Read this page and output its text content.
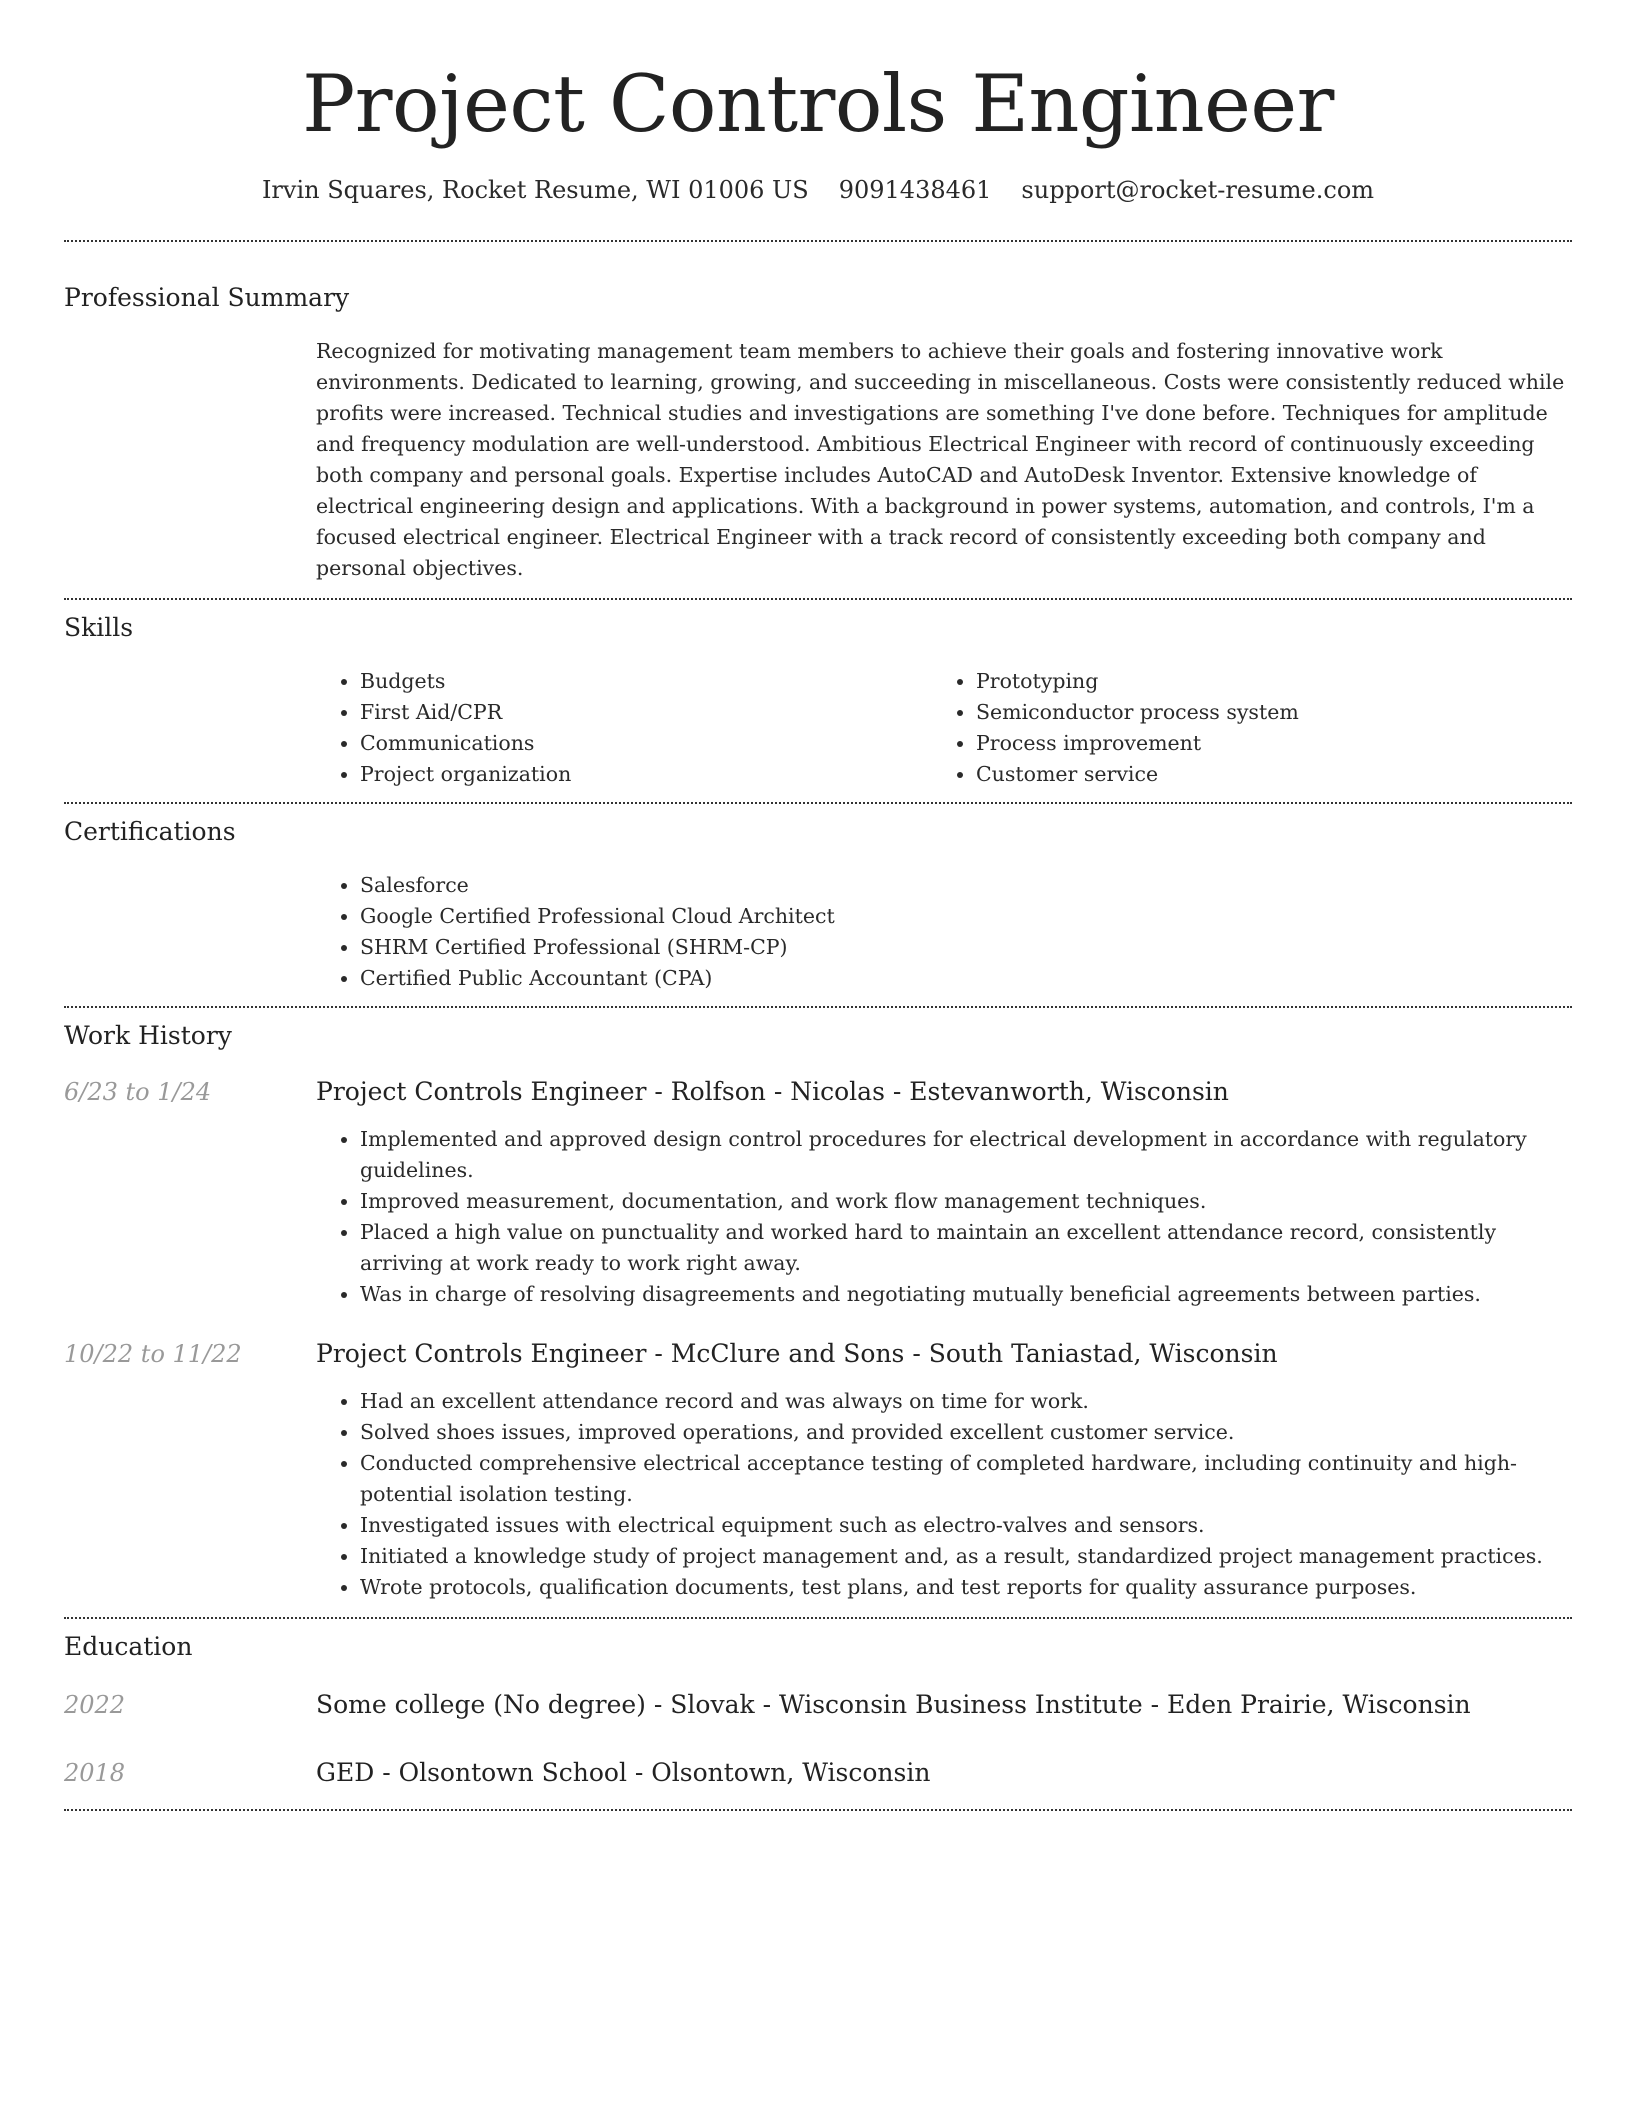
Project Controls Engineer
Irvin Squares, Rocket Resume, WI 01006 US 9091438461 support@rocket-resume.com
Professional Summary
Recognized for motivating management team members to achieve their goals and fostering innovative work environments. Dedicated to learning, growing, and succeeding in miscellaneous. Costs were consistently reduced while profits were increased. Technical studies and investigations are something I've done before. Techniques for amplitude and frequency modulation are well-understood. Ambitious Electrical Engineer with record of continuously exceeding both company and personal goals. Expertise includes AutoCAD and AutoDesk Inventor. Extensive knowledge of electrical engineering design and applications. With a background in power systems, automation, and controls, I'm a focused electrical engineer. Electrical Engineer with a track record of consistently exceeding both company and personal objectives.
Skills
• Budgets
• First Aid/CPR
• Communications
• Project organization
• Prototyping
• Semiconductor process system
• Process improvement
• Customer service
Certifications
• Salesforce
• Google Certified Professional Cloud Architect
• SHRM Certified Professional (SHRM-CP)
• Certified Public Accountant (CPA)
Work History
6/23 to 1/24	Project Controls Engineer - Rolfson - Nicolas - Estevanworth, Wisconsin
• Implemented and approved design control procedures for electrical development in accordance with regulatory guidelines.
• Improved measurement, documentation, and work flow management techniques.
• Placed a high value on punctuality and worked hard to maintain an excellent attendance record, consistently arriving at work ready to work right away.
• Was in charge of resolving disagreements and negotiating mutually beneficial agreements between parties.
10/22 to 11/22	Project Controls Engineer - McClure and Sons - South Taniastad, Wisconsin
• Had an excellent attendance record and was always on time for work.
• Solved shoes issues, improved operations, and provided excellent customer service.
• Conducted comprehensive electrical acceptance testing of completed hardware, including continuity and high-potential isolation testing.
• Investigated issues with electrical equipment such as electro-valves and sensors.
• Initiated a knowledge study of project management and, as a result, standardized project management practices.
• Wrote protocols, qualification documents, test plans, and test reports for quality assurance purposes.
Education
2022	Some college (No degree) - Slovak - Wisconsin Business Institute - Eden Prairie, Wisconsin
2018	GED - Olsontown School - Olsontown, Wisconsin
